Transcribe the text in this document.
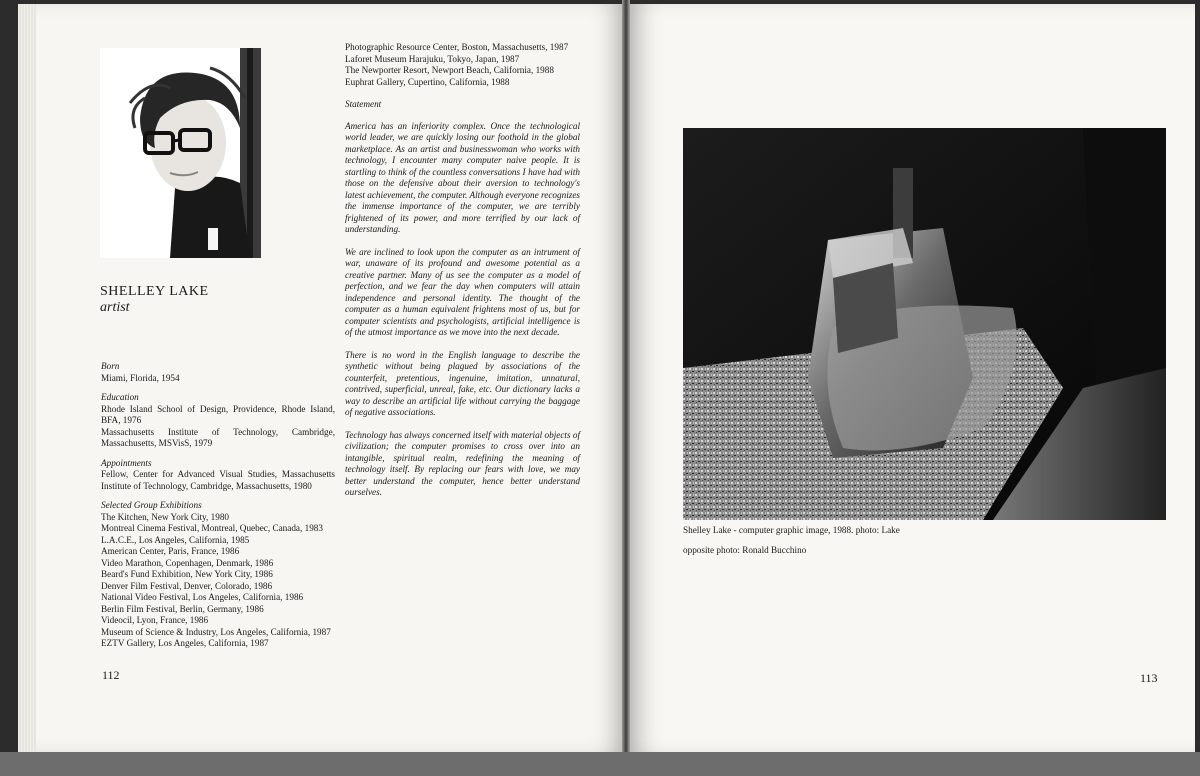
SHELLEY LAKE
artist
Born

Miami, Florida, 1954

Education

Rhode Island School of Design, Providence, Rhode Island, BFA, 1976

Massachusetts Institute of Technology, Cambridge, Massachusetts, MSVisS, 1979

Appointments

Fellow, Center for Advanced Visual Studies, Massachusetts Institute of Technology, Cambridge, Massachusetts, 1980

Selected Group Exhibitions

The Kitchen, New York City, 1980

Montreal Cinema Festival, Montreal, Quebec, Canada, 1983

L.A.C.E., Los Angeles, California, 1985

American Center, Paris, France, 1986

Video Marathon, Copenhagen, Denmark, 1986

Beard's Fund Exhibition, New York City, 1986

Denver Film Festival, Denver, Colorado, 1986

National Video Festival, Los Angeles, California, 1986

Berlin Film Festival, Berlin, Germany, 1986

Videocil, Lyon, France, 1986

Museum of Science & Industry, Los Angeles, California, 1987

EZTV Gallery, Los Angeles, California, 1987

Photographic Resource Center, Boston, Massachusetts, 1987

Laforet Museum Harajuku, Tokyo, Japan, 1987

The Newporter Resort, Newport Beach, California, 1988

Euphrat Gallery, Cupertino, California, 1988

Statement

America has an inferiority complex. Once the technological world leader, we are quickly losing our foothold in the global marketplace. As an artist and businesswoman who works with technology, I encounter many computer naive people. It is startling to think of the countless conversations I have had with those on the defensive about their aversion to technology's latest achievement, the computer. Although everyone recognizes the immense importance of the computer, we are terribly frightened of its power, and more terrified by our lack of understanding.

We are inclined to look upon the computer as an intrument of war, unaware of its profound and awesome potential as a creative partner. Many of us see the computer as a model of perfection, and we fear the day when computers will attain independence and personal identity. The thought of the computer as a human equivalent frightens most of us, but for computer scientists and psychologists, artificial intelligence is of the utmost importance as we move into the next decade.

There is no word in the English language to describe the synthetic without being plagued by associations of the counterfeit, pretentious, ingenuine, imitation, unnatural, contrived, superficial, unreal, fake, etc. Our dictionary lacks a way to describe an artificial life without carrying the baggage of negative associations.

Technology has always concerned itself with material objects of civilization; the computer promises to cross over into an intangible, spiritual realm, redefining the meaning of technology itself. By replacing our fears with love, we may better understand the computer, hence better understand ourselves.

112
Shelley Lake - computer graphic image, 1988. photo: Lake
opposite photo: Ronald Bucchino
113
